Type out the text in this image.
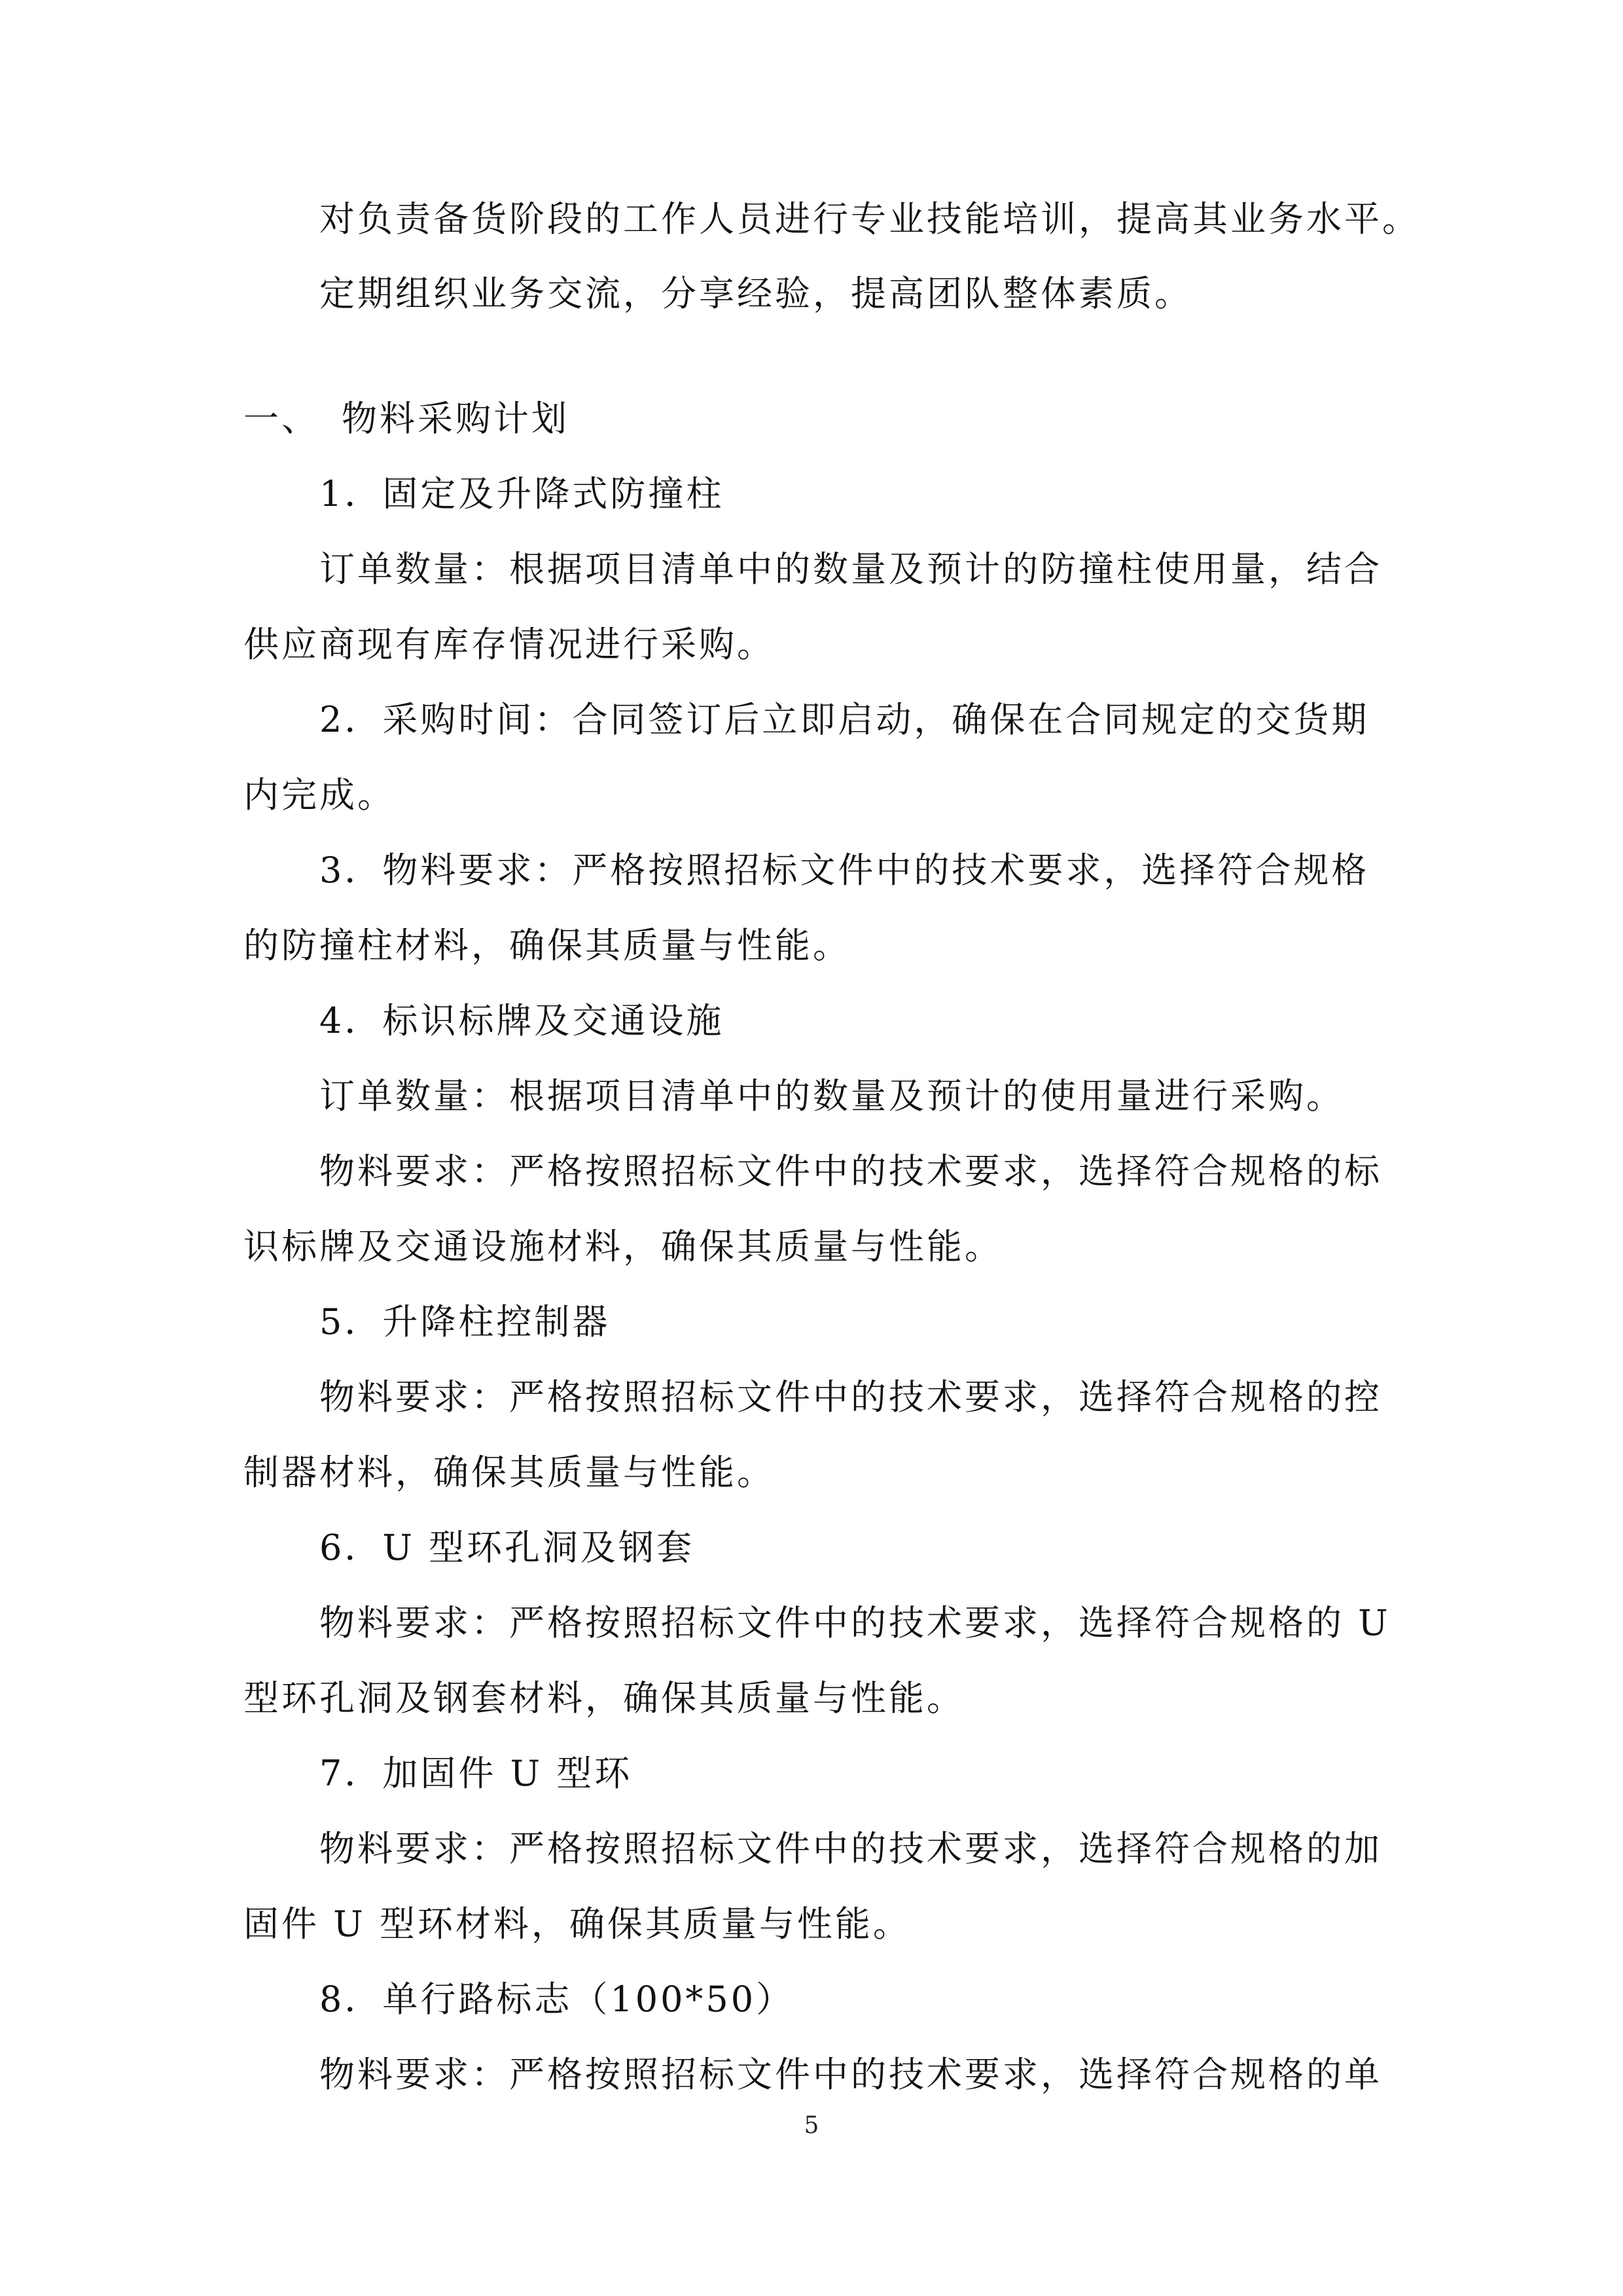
对负责备货阶段的工作人员进行专业技能培训，提高其业务水平。
定期组织业务交流，分享经验，提高团队整体素质。
一、 物料采购计划
1．固定及升降式防撞柱
订单数量：根据项目清单中的数量及预计的防撞柱使用量，结合
供应商现有库存情况进行采购。
2．采购时间：合同签订后立即启动，确保在合同规定的交货期
内完成。
3．物料要求：严格按照招标文件中的技术要求，选择符合规格
的防撞柱材料，确保其质量与性能。
4．标识标牌及交通设施
订单数量：根据项目清单中的数量及预计的使用量进行采购。
物料要求：严格按照招标文件中的技术要求，选择符合规格的标
识标牌及交通设施材料，确保其质量与性能。
5．升降柱控制器
物料要求：严格按照招标文件中的技术要求，选择符合规格的控
制器材料，确保其质量与性能。
6．U 型环孔洞及钢套
物料要求：严格按照招标文件中的技术要求，选择符合规格的 U
型环孔洞及钢套材料，确保其质量与性能。
7．加固件 U 型环
物料要求：严格按照招标文件中的技术要求，选择符合规格的加
固件 U 型环材料，确保其质量与性能。
8．单行路标志（100*50）
物料要求：严格按照招标文件中的技术要求，选择符合规格的单
5
